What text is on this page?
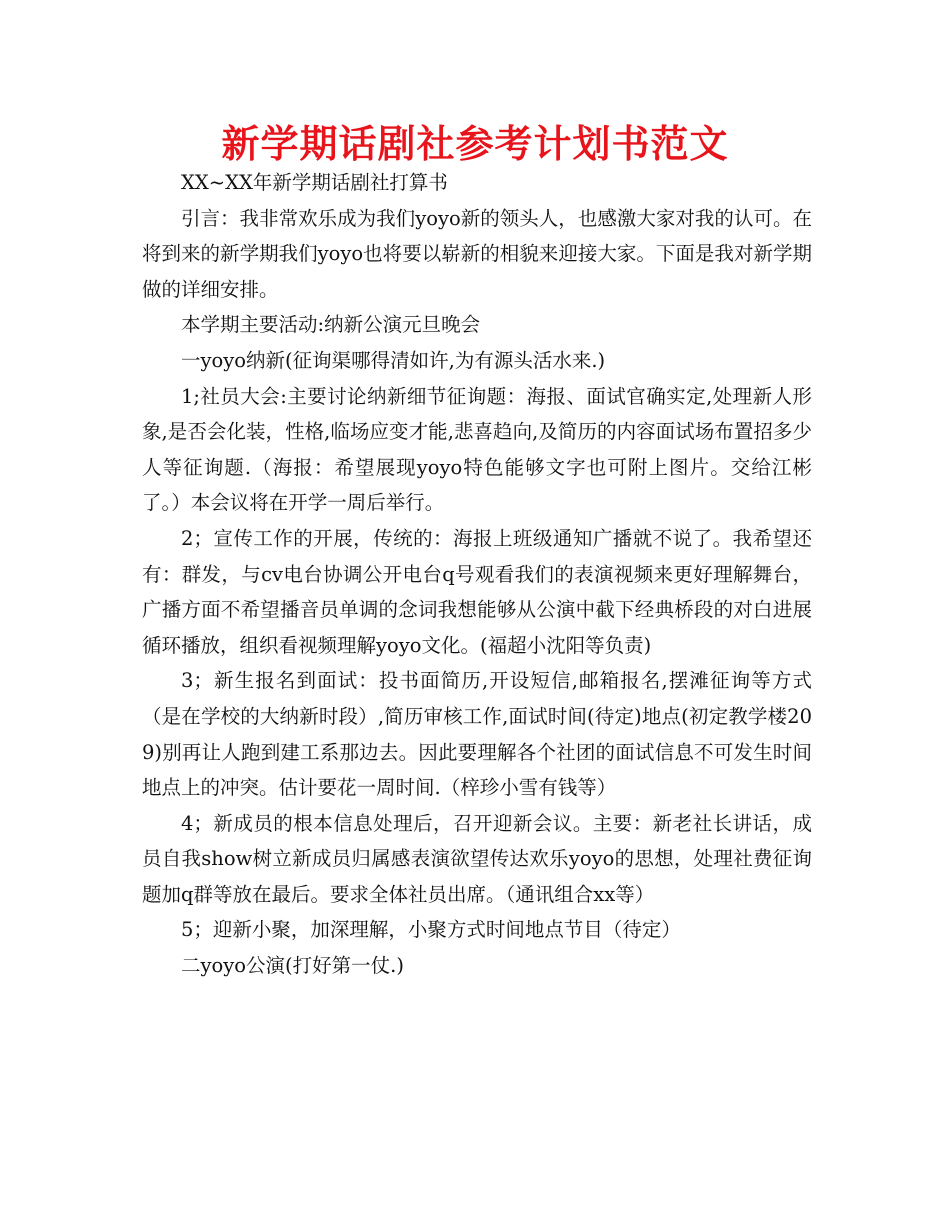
新学期话剧社参考计划书范文

XX~XX年新学期话剧社打算书

引言：我非常欢乐成为我们yoyo新的领头人，也感激大家对我的认可。在将到来的新学期我们yoyo也将要以崭新的相貌来迎接大家。下面是我对新学期做的详细安排。

本学期主要活动:纳新公演元旦晚会

一yoyo纳新(征询渠哪得清如许,为有源头活水来.)

1;社员大会:主要讨论纳新细节征询题：海报、面试官确实定,处理新人形象,是否会化装，性格,临场应变才能,悲喜趋向,及简历的内容面试场布置招多少人等征询题.（海报：希望展现yoyo特色能够文字也可附上图片。交给江彬了。）本会议将在开学一周后举行。

2；宣传工作的开展，传统的：海报上班级通知广播就不说了。我希望还有：群发，与cv电台协调公开电台q号观看我们的表演视频来更好理解舞台，广播方面不希望播音员单调的念词我想能够从公演中截下经典桥段的对白进展循环播放，组织看视频理解yoyo文化。(福超小沈阳等负责)

3；新生报名到面试：投书面简历,开设短信,邮箱报名,摆滩征询等方式（是在学校的大纳新时段）,简历审核工作,面试时间(待定)地点(初定教学楼209)别再让人跑到建工系那边去。因此要理解各个社团的面试信息不可发生时间地点上的冲突。估计要花一周时间.（梓珍小雪有钱等）

4；新成员的根本信息处理后，召开迎新会议。主要：新老社长讲话，成员自我show树立新成员归属感表演欲望传达欢乐yoyo的思想，处理社费征询题加q群等放在最后。要求全体社员出席。（通讯组合xx等）

5；迎新小聚，加深理解，小聚方式时间地点节目（待定）

二yoyo公演(打好第一仗.)
